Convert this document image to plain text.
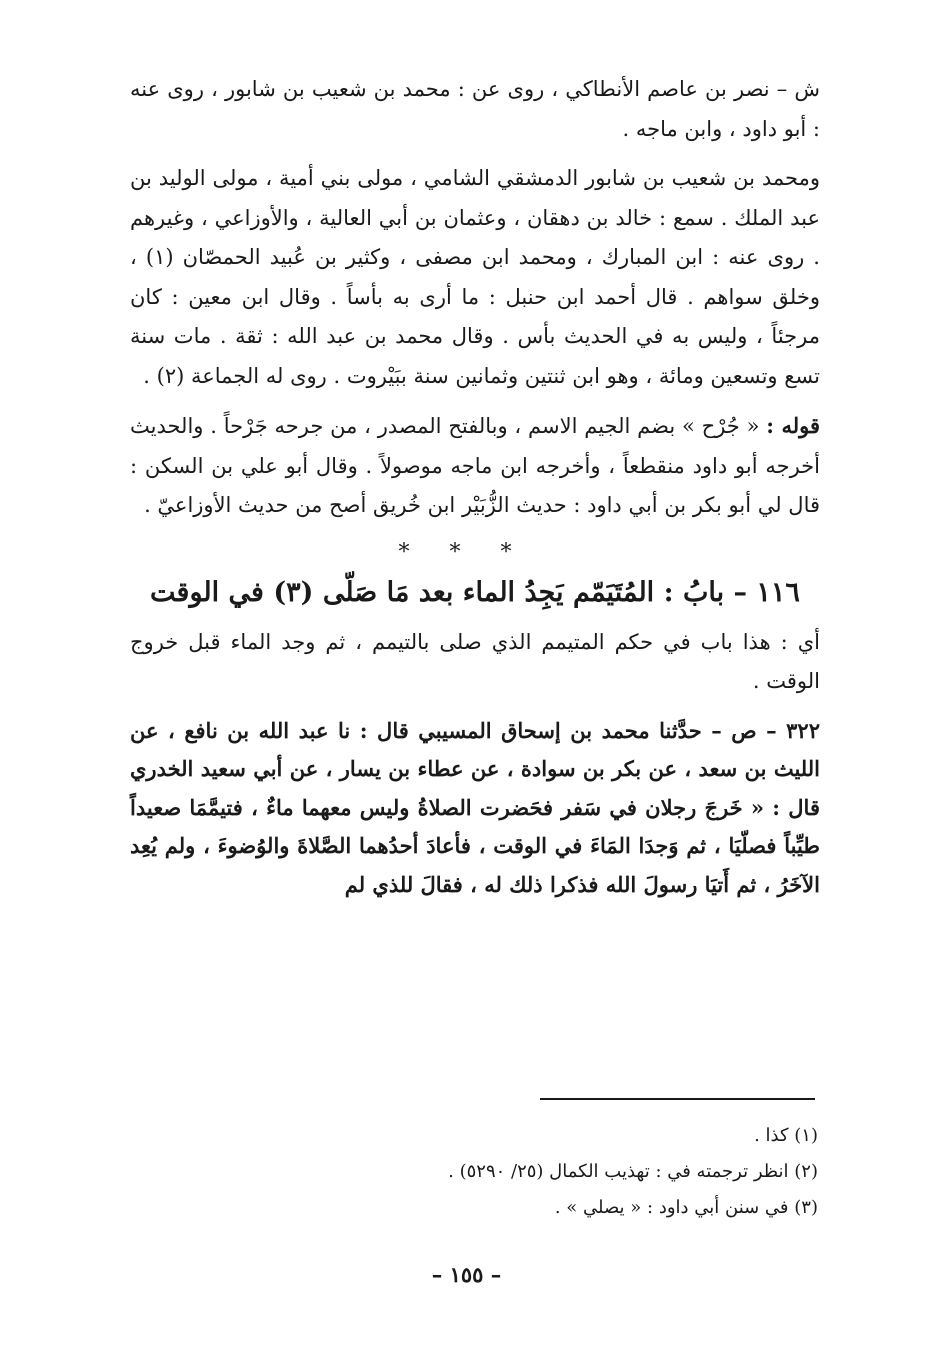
ش – نصر بن عاصم الأنطاكي ، روى عن : محمد بن شعيب بن شابور ، روى عنه : أبو داود ، وابن ماجه .

ومحمد بن شعيب بن شابور الدمشقي الشامي ، مولى بني أمية ، مولى الوليد بن عبد الملك . سمع : خالد بن دهقان ، وعثمان بن أبي العالية ، والأوزاعي ، وغيرهم . روى عنه : ابن المبارك ، ومحمد ابن مصفى ، وكثير بن عُبيد الحمصّان (١) ، وخلق سواهم . قال أحمد ابن حنبل : ما أرى به بأساً . وقال ابن معين : كان مرجئاً ، وليس به في الحديث بأس . وقال محمد بن عبد الله : ثقة . مات سنة تسع وتسعين ومائة ، وهو ابن ثنتين وثمانين سنة ببَيْروت . روى له الجماعة (٢) .

قوله : « جُرْح » بضم الجيم الاسم ، وبالفتح المصدر ، من جرحه جَرْحاً . والحديث أخرجه أبو داود منقطعاً ، وأخرجه ابن ماجه موصولاً . وقال أبو علي بن السكن : قال لي أبو بكر بن أبي داود : حديث الزُّبَيْر ابن خُريق أصح من حديث الأوزاعيّ .

***
١١٦ – بابُ : المُتَيَمّم يَجِدُ الماء بعد مَا صَلّى (٣) في الوقت

أي : هذا باب في حكم المتيمم الذي صلى بالتيمم ، ثم وجد الماء قبل خروج الوقت .

٣٢٢ – ص – حدَّثنا محمد بن إسحاق المسيبي قال : نا عبد الله بن نافع ، عن الليث بن سعد ، عن بكر بن سوادة ، عن عطاء بن يسار ، عن أبي سعيد الخدري قال : « خَرجَ رجلان في سَفر فحَضرت الصلاةُ وليس معهما ماءٌ ، فتيمَّمَا صعيداً طيِّباً فصلّيَا ، ثم وَجدَا المَاءَ في الوقت ، فأعادَ أحدُهما الصَّلاةَ والوُضوءَ ، ولم يُعِد الآخَرُ ، ثم أَتيَا رسولَ الله فذكرا ذلك له ، فقالَ للذي لم

(١) كذا .
(٢) انظر ترجمته في : تهذيب الكمال (٢٥/ ٥٢٩٠) .
(٣) في سنن أبي داود : « يصلي » .
– ١٥٥ –
